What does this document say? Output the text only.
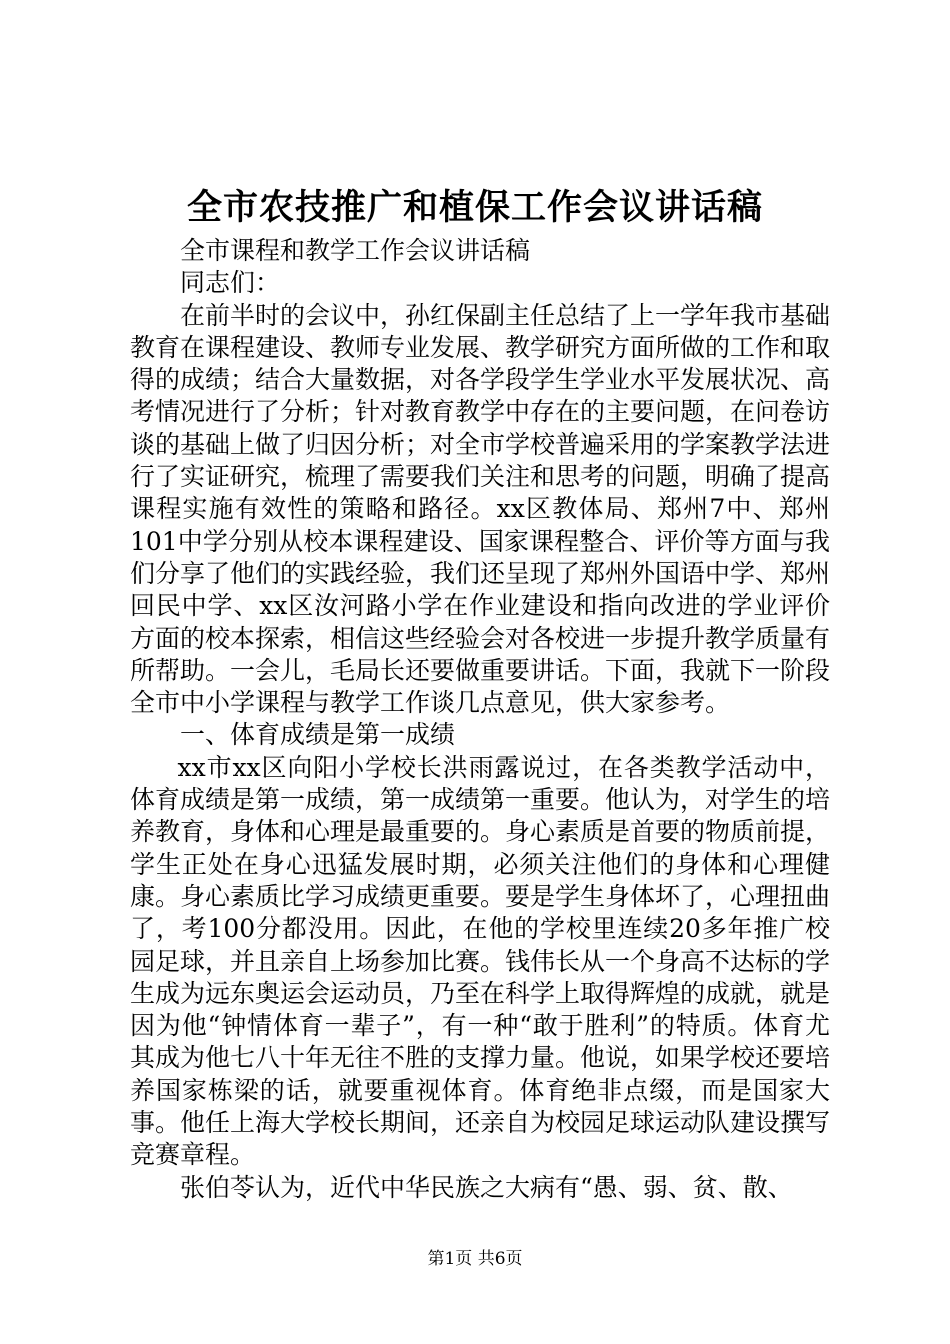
全市农技推广和植保工作会议讲话稿

全市课程和教学工作会议讲话稿

同志们：

在前半时的会议中，孙红保副主任总结了上一学年我市基础教育在课程建设、教师专业发展、教学研究方面所做的工作和取得的成绩；结合大量数据，对各学段学生学业水平发展状况、高考情况进行了分析；针对教育教学中存在的主要问题，在问卷访谈的基础上做了归因分析；对全市学校普遍采用的学案教学法进行了实证研究，梳理了需要我们关注和思考的问题，明确了提高课程实施有效性的策略和路径。xx区教体局、郑州7中、郑州101中学分别从校本课程建设、国家课程整合、评价等方面与我们分享了他们的实践经验，我们还呈现了郑州外国语中学、郑州回民中学、xx区汝河路小学在作业建设和指向改进的学业评价方面的校本探索，相信这些经验会对各校进一步提升教学质量有所帮助。一会儿，毛局长还要做重要讲话。下面，我就下一阶段全市中小学课程与教学工作谈几点意见，供大家参考。

一、体育成绩是第一成绩

xx市xx区向阳小学校长洪雨露说过，在各类教学活动中，体育成绩是第一成绩，第一成绩第一重要。他认为，对学生的培养教育，身体和心理是最重要的。身心素质是首要的物质前提，学生正处在身心迅猛发展时期，必须关注他们的身体和心理健康。身心素质比学习成绩更重要。要是学生身体坏了，心理扭曲了，考100分都没用。因此，在他的学校里连续20多年推广校园足球，并且亲自上场参加比赛。钱伟长从一个身高不达标的学生成为远东奥运会运动员，乃至在科学上取得辉煌的成就，就是因为他“钟情体育一辈子”，有一种“敢于胜利”的特质。体育尤其成为他七八十年无往不胜的支撑力量。他说，如果学校还要培养国家栋梁的话，就要重视体育。体育绝非点缀，而是国家大事。他任上海大学校长期间，还亲自为校园足球运动队建设撰写竞赛章程。

张伯苓认为，近代中华民族之大病有“愚、弱、贫、散、

第1页 共6页
